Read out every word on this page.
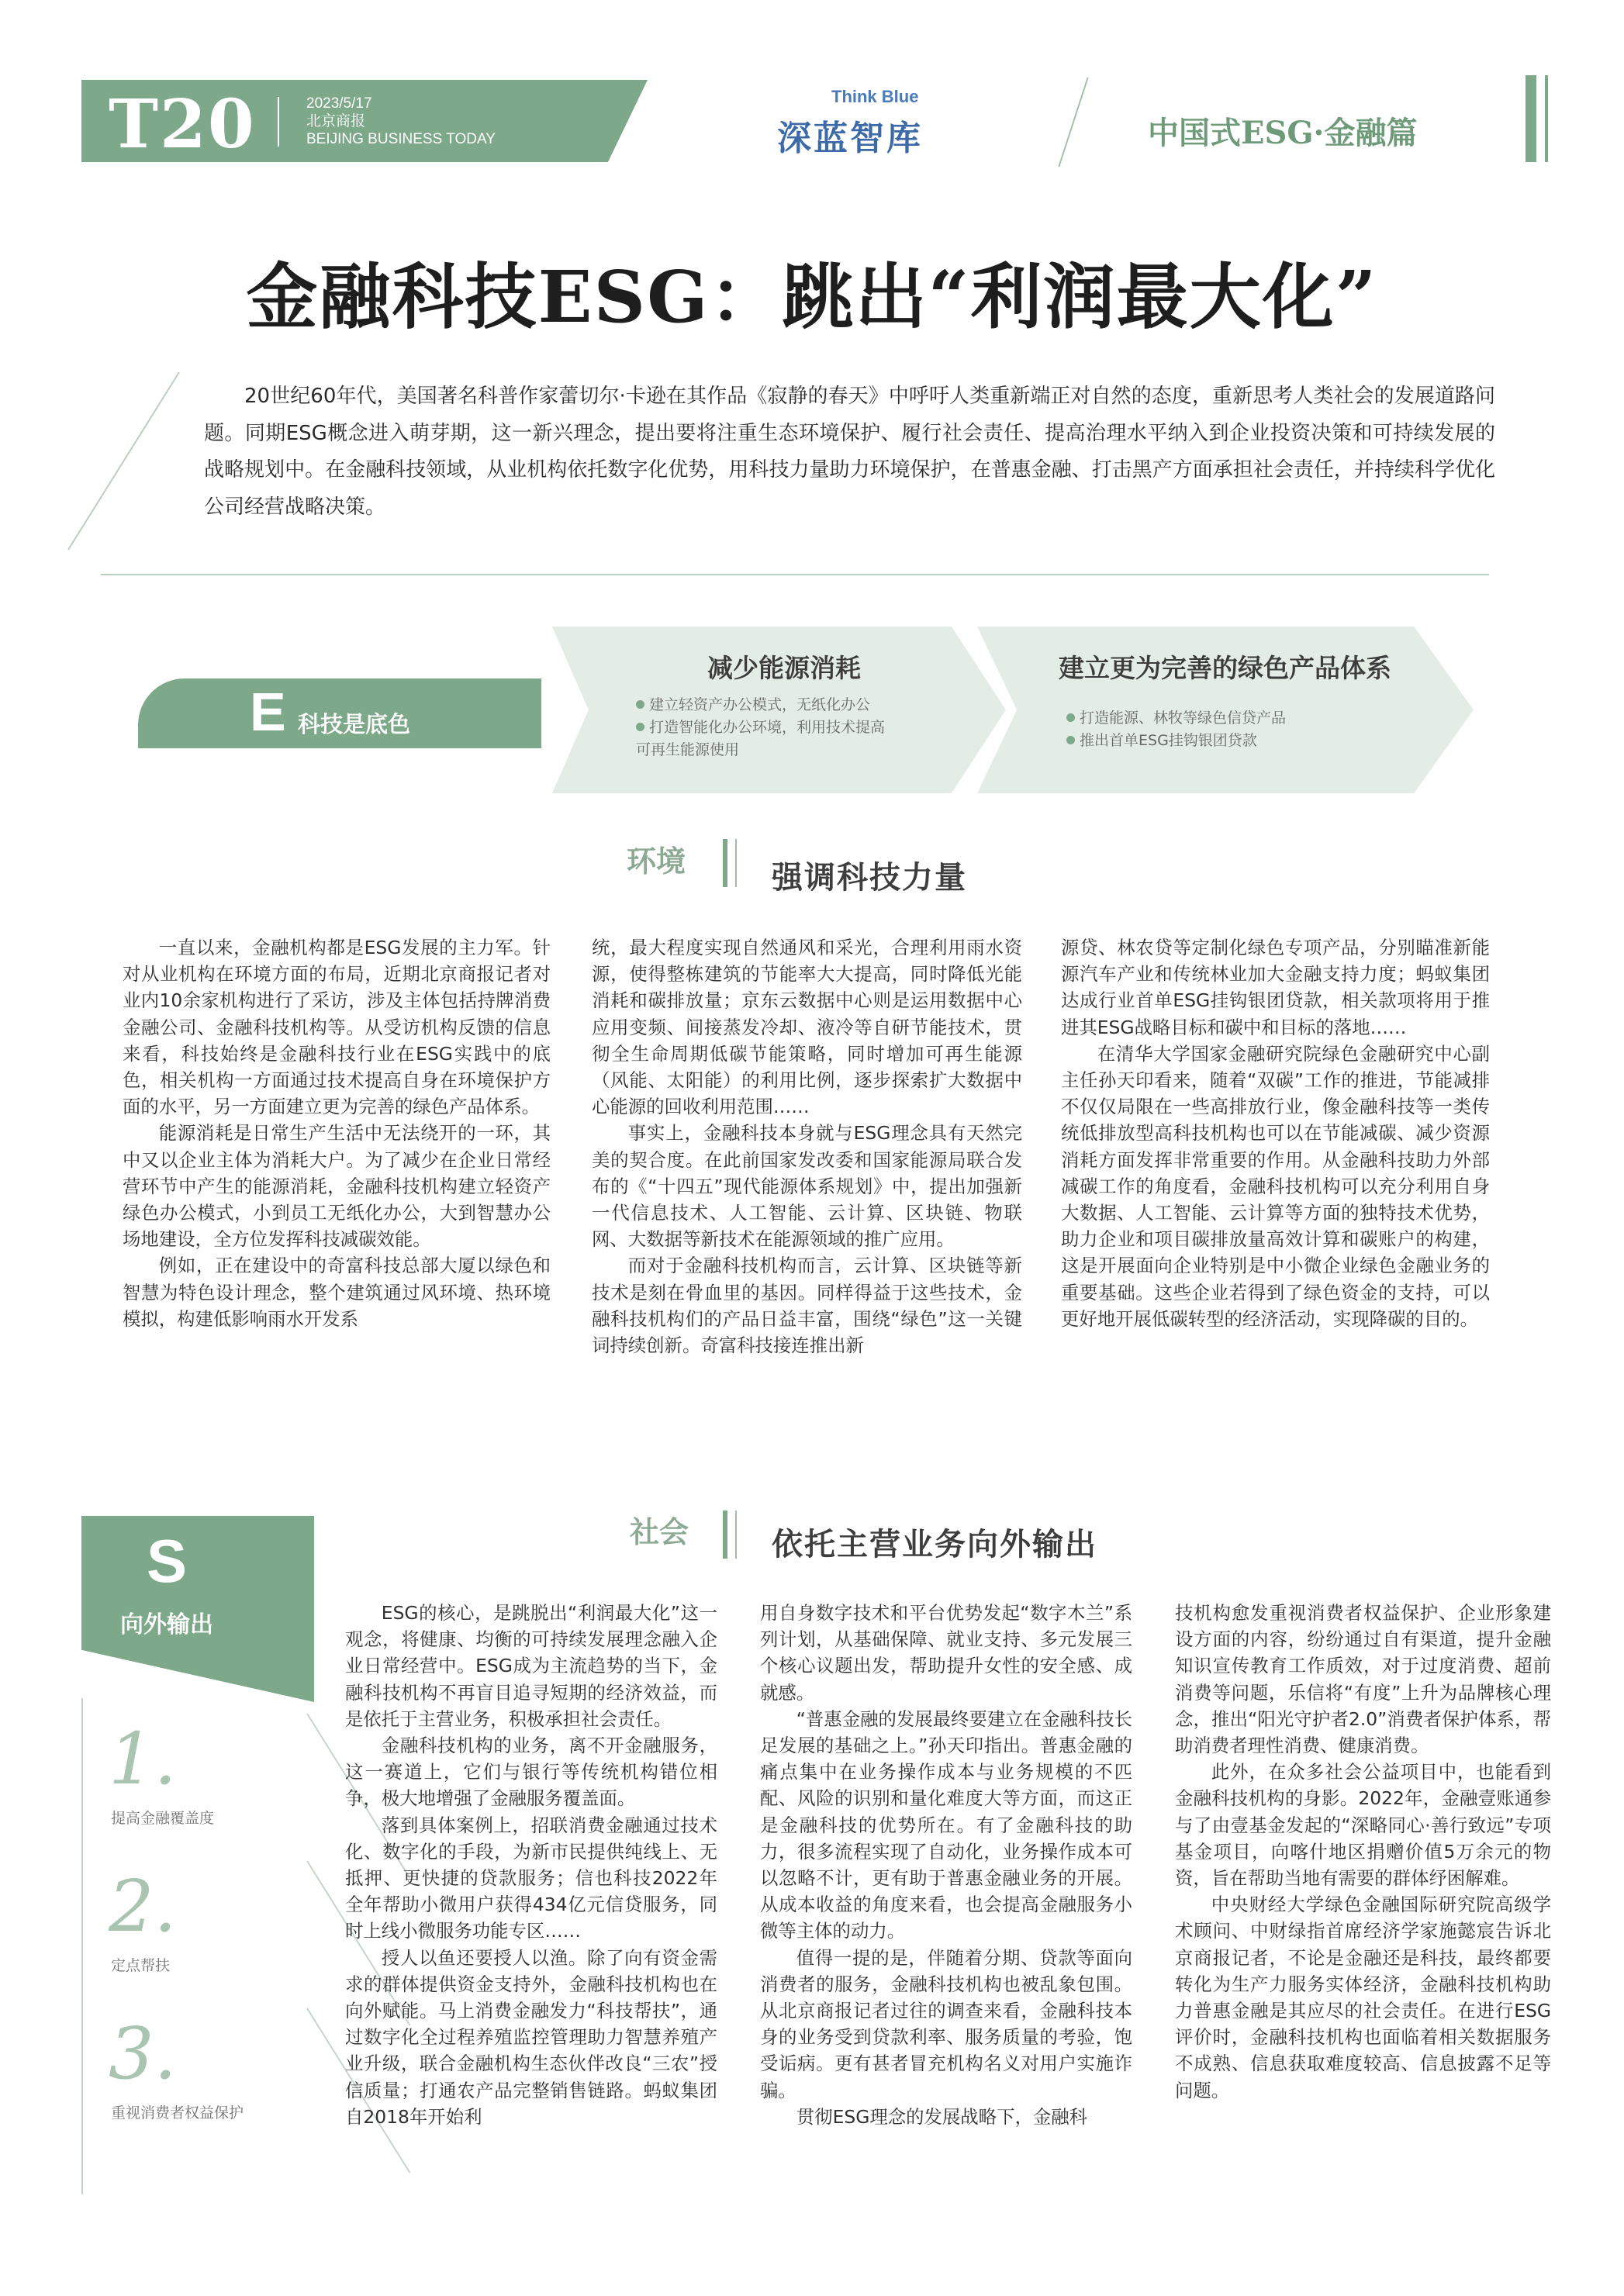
T20	2023/5/17
北京商报
BEIJING BUSINESS TODAY
Think Blue
深蓝智库	中国式ESG·金融篇
金融科技ESG：跳出“利润最大化”
20世纪60年代，美国著名科普作家蕾切尔·卡逊在其作品《寂静的春天》中呼吁人类重新端正对自然的态度，重新思考人类社会的发展道路问题。同期ESG概念进入萌芽期，这一新兴理念，提出要将注重生态环境保护、履行社会责任、提高治理水平纳入到企业投资决策和可持续发展的战略规划中。在金融科技领域，从业机构依托数字化优势，用科技力量助力环境保护，在普惠金融、打击黑产方面承担社会责任，并持续科学优化公司经营战略决策。
E 科技是底色
减少能源消耗
建立轻资产办公模式，无纸化办公
打造智能化办公环境，利用技术提高
可再生能源使用
建立更为完善的绿色产品体系
打造能源、林牧等绿色信贷产品
推出首单ESG挂钩银团贷款
环境	强调科技力量

一直以来，金融机构都是ESG发展的主力军。针对从业机构在环境方面的布局，近期北京商报记者对业内10余家机构进行了采访，涉及主体包括持牌消费金融公司、金融科技机构等。从受访机构反馈的信息来看，科技始终是金融科技行业在ESG实践中的底色，相关机构一方面通过技术提高自身在环境保护方面的水平，另一方面建立更为完善的绿色产品体系。

能源消耗是日常生产生活中无法绕开的一环，其中又以企业主体为消耗大户。为了减少在企业日常经营环节中产生的能源消耗，金融科技机构建立轻资产绿色办公模式，小到员工无纸化办公，大到智慧办公场地建设，全方位发挥科技减碳效能。

例如，正在建设中的奇富科技总部大厦以绿色和智慧为特色设计理念，整个建筑通过风环境、热环境模拟，构建低影响雨水开发系

统，最大程度实现自然通风和采光，合理利用雨水资源，使得整栋建筑的节能率大大提高，同时降低光能消耗和碳排放量；京东云数据中心则是运用数据中心应用变频、间接蒸发冷却、液冷等自研节能技术，贯彻全生命周期低碳节能策略，同时增加可再生能源（风能、太阳能）的利用比例，逐步探索扩大数据中心能源的回收利用范围……

事实上，金融科技本身就与ESG理念具有天然完美的契合度。在此前国家发改委和国家能源局联合发布的《“十四五”现代能源体系规划》中，提出加强新一代信息技术、人工智能、云计算、区块链、物联网、大数据等新技术在能源领域的推广应用。

而对于金融科技机构而言，云计算、区块链等新技术是刻在骨血里的基因。同样得益于这些技术，金融科技机构们的产品日益丰富，围绕“绿色”这一关键词持续创新。奇富科技接连推出新

源贷、林农贷等定制化绿色专项产品，分别瞄准新能源汽车产业和传统林业加大金融支持力度；蚂蚁集团达成行业首单ESG挂钩银团贷款，相关款项将用于推进其ESG战略目标和碳中和目标的落地……

在清华大学国家金融研究院绿色金融研究中心副主任孙天印看来，随着“双碳”工作的推进，节能减排不仅仅局限在一些高排放行业，像金融科技等一类传统低排放型高科技机构也可以在节能减碳、减少资源消耗方面发挥非常重要的作用。从金融科技助力外部减碳工作的角度看，金融科技机构可以充分利用自身大数据、人工智能、云计算等方面的独特技术优势，助力企业和项目碳排放量高效计算和碳账户的构建，这是开展面向企业特别是中小微企业绿色金融业务的重要基础。这些企业若得到了绿色资金的支持，可以更好地开展低碳转型的经济活动，实现降碳的目的。

S
向外输出
1.
提高金融覆盖度
2.
定点帮扶
3.
重视消费者权益保护
社会	依托主营业务向外输出

ESG的核心，是跳脱出“利润最大化”这一观念，将健康、均衡的可持续发展理念融入企业日常经营中。ESG成为主流趋势的当下，金融科技机构不再盲目追寻短期的经济效益，而是依托于主营业务，积极承担社会责任。

金融科技机构的业务，离不开金融服务，这一赛道上，它们与银行等传统机构错位相争，极大地增强了金融服务覆盖面。

落到具体案例上，招联消费金融通过技术化、数字化的手段，为新市民提供纯线上、无抵押、更快捷的贷款服务；信也科技2022年全年帮助小微用户获得434亿元信贷服务，同时上线小微服务功能专区……

授人以鱼还要授人以渔。除了向有资金需求的群体提供资金支持外，金融科技机构也在向外赋能。马上消费金融发力“科技帮扶”，通过数字化全过程养殖监控管理助力智慧养殖产业升级，联合金融机构生态伙伴改良“三农”授信质量；打通农产品完整销售链路。蚂蚁集团自2018年开始利

用自身数字技术和平台优势发起“数字木兰”系列计划，从基础保障、就业支持、多元发展三个核心议题出发，帮助提升女性的安全感、成就感。

“普惠金融的发展最终要建立在金融科技长足发展的基础之上。”孙天印指出。普惠金融的痛点集中在业务操作成本与业务规模的不匹配、风险的识别和量化难度大等方面，而这正是金融科技的优势所在。有了金融科技的助力，很多流程实现了自动化，业务操作成本可以忽略不计，更有助于普惠金融业务的开展。从成本收益的角度来看，也会提高金融服务小微等主体的动力。

值得一提的是，伴随着分期、贷款等面向消费者的服务，金融科技机构也被乱象包围。从北京商报记者过往的调查来看，金融科技本身的业务受到贷款利率、服务质量的考验，饱受诟病。更有甚者冒充机构名义对用户实施诈骗。

贯彻ESG理念的发展战略下，金融科

技机构愈发重视消费者权益保护、企业形象建设方面的内容，纷纷通过自有渠道，提升金融知识宣传教育工作质效，对于过度消费、超前消费等问题，乐信将“有度”上升为品牌核心理念，推出“阳光守护者2.0”消费者保护体系，帮助消费者理性消费、健康消费。

此外，在众多社会公益项目中，也能看到金融科技机构的身影。2022年，金融壹账通参与了由壹基金发起的“深略同心·善行致远”专项基金项目，向喀什地区捐赠价值5万余元的物资，旨在帮助当地有需要的群体纾困解难。

中央财经大学绿色金融国际研究院高级学术顾问、中财绿指首席经济学家施懿宸告诉北京商报记者，不论是金融还是科技，最终都要转化为生产力服务实体经济，金融科技机构助力普惠金融是其应尽的社会责任。在进行ESG评价时，金融科技机构也面临着相关数据服务不成熟、信息获取难度较高、信息披露不足等问题。
